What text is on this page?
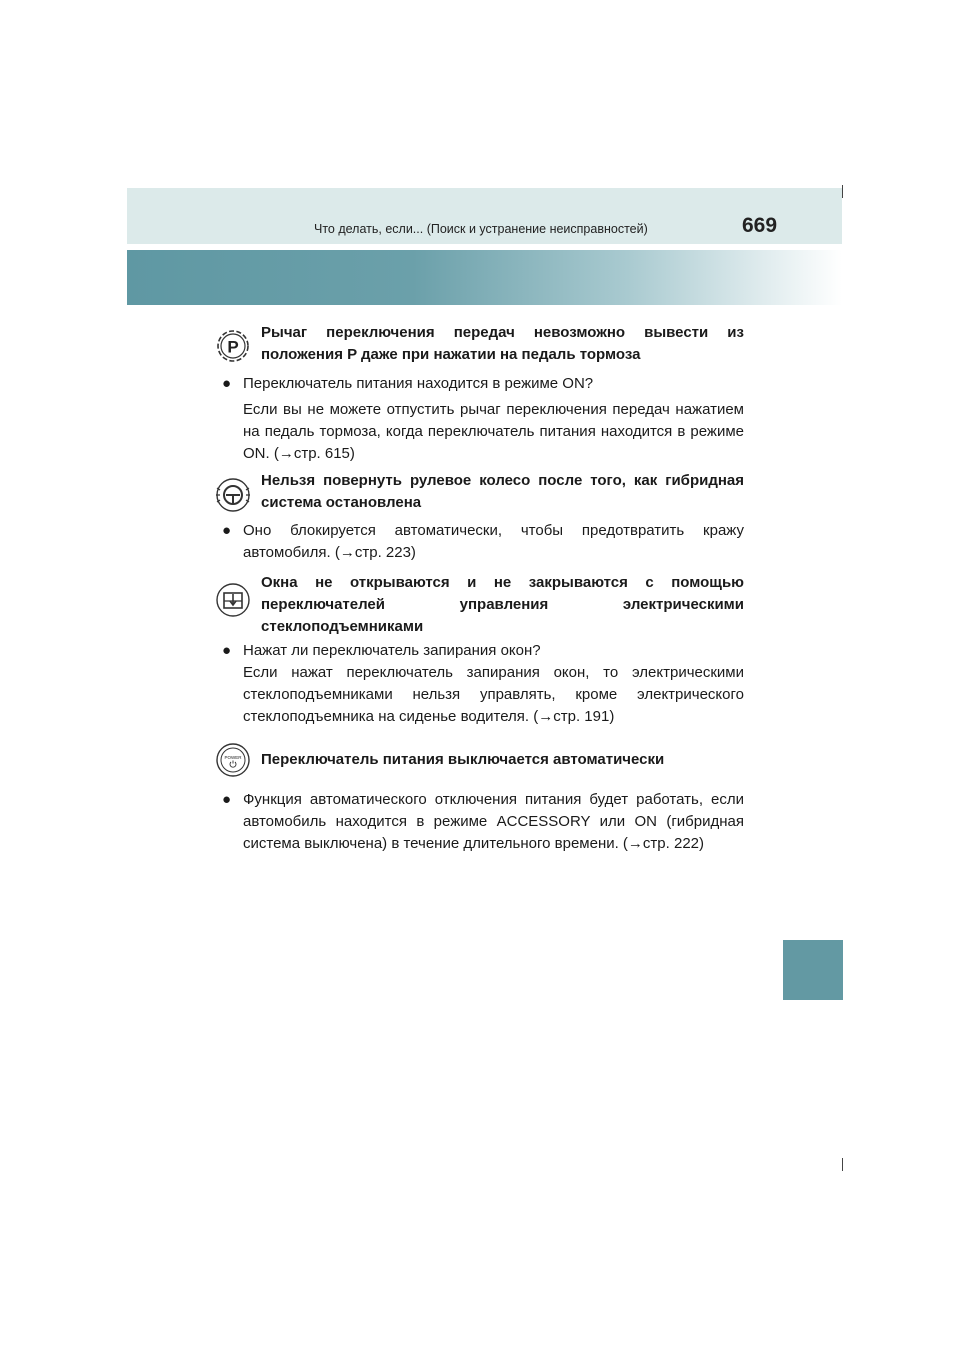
Что делать, если... (Поиск и устранение неисправностей)	669
P
Рычаг переключения передач невозможно вывести из положения P даже при нажатии на педаль тормоза
● Переключатель питания находится в режиме ON?
Если вы не можете отпустить рычаг переключения передач нажатием на педаль тормоза, когда переключатель питания находится в режиме ON. (→стр. 615)
Нельзя повернуть рулевое колесо после того, как гибридная система остановлена
● Оно блокируется автоматически, чтобы предотвратить кражу автомобиля. (→стр. 223)
Окна не открываются и не закрываются с помощью переключателей управления электрическими стеклоподъемниками
● Нажат ли переключатель запирания окон?
Если нажат переключатель запирания окон, то электрическими стеклоподъемниками нельзя управлять, кроме электрического стеклоподъемника на сиденье водителя. (→стр. 191)
POWER Переключатель питания выключается автоматически
● Функция автоматического отключения питания будет работать, если автомобиль находится в режиме ACCESSORY или ON (гибридная система выключена) в течение длительного времени. (→стр. 222)
